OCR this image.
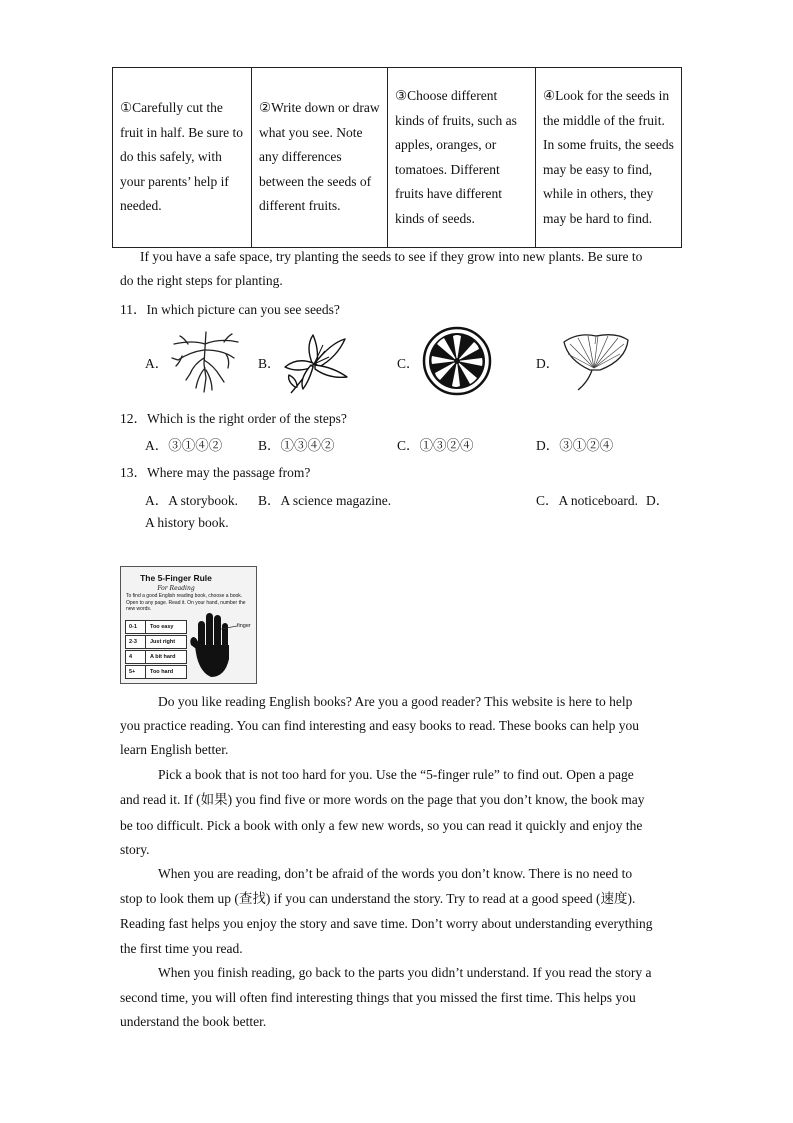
①Carefully cut the fruit in half. Be sure to do this safely, with your parents’ help if needed.	②Write down or draw what you see. Note any differences between the seeds of different fruits.	③Choose different kinds of fruits, such as apples, oranges, or tomatoes. Different fruits have different kinds of seeds.	④Look for the seeds in the middle of the fruit. In some fruits, the seeds may be easy to find, while in others, they may be hard to find.
If you have a safe space, try planting the seeds to see if they grow into new plants. Be sure to
do the right steps for planting.
11．In which picture can you see seeds?
A．	B．	C．	D．
12．Which is the right order of the steps?
A．③①④②	B．①③④②	C．①③②④	D．③①②④
13．Where may the passage from?
A．A storybook. B．A science magazine.	C．A noticeboard. D．
A history book.
The 5-Finger Rule
For Reading
To find a good English reading book, choose a book. Open to any page. Read it. On your hand, number the new words.
0-1 Too easy
2-3 Just right
4	A bit hard
5+	Too hard
finger
Do you like reading English books? Are you a good reader? This website is here to help
you practice reading. You can find interesting and easy books to read. These books can help you
learn English better.
Pick a book that is not too hard for you. Use the “5-finger rule” to find out. Open a page
and read it. If (如果) you find five or more words on the page that you don’t know, the book may
be too difficult. Pick a book with only a few new words, so you can read it quickly and enjoy the
story.
When you are reading, don’t be afraid of the words you don’t know. There is no need to
stop to look them up (查找) if you can understand the story. Try to read at a good speed (速度).
Reading fast helps you enjoy the story and save time. Don’t worry about understanding everything
the first time you read.
When you finish reading, go back to the parts you didn’t understand. If you read the story a
second time, you will often find interesting things that you missed the first time. This helps you
understand the book better.
